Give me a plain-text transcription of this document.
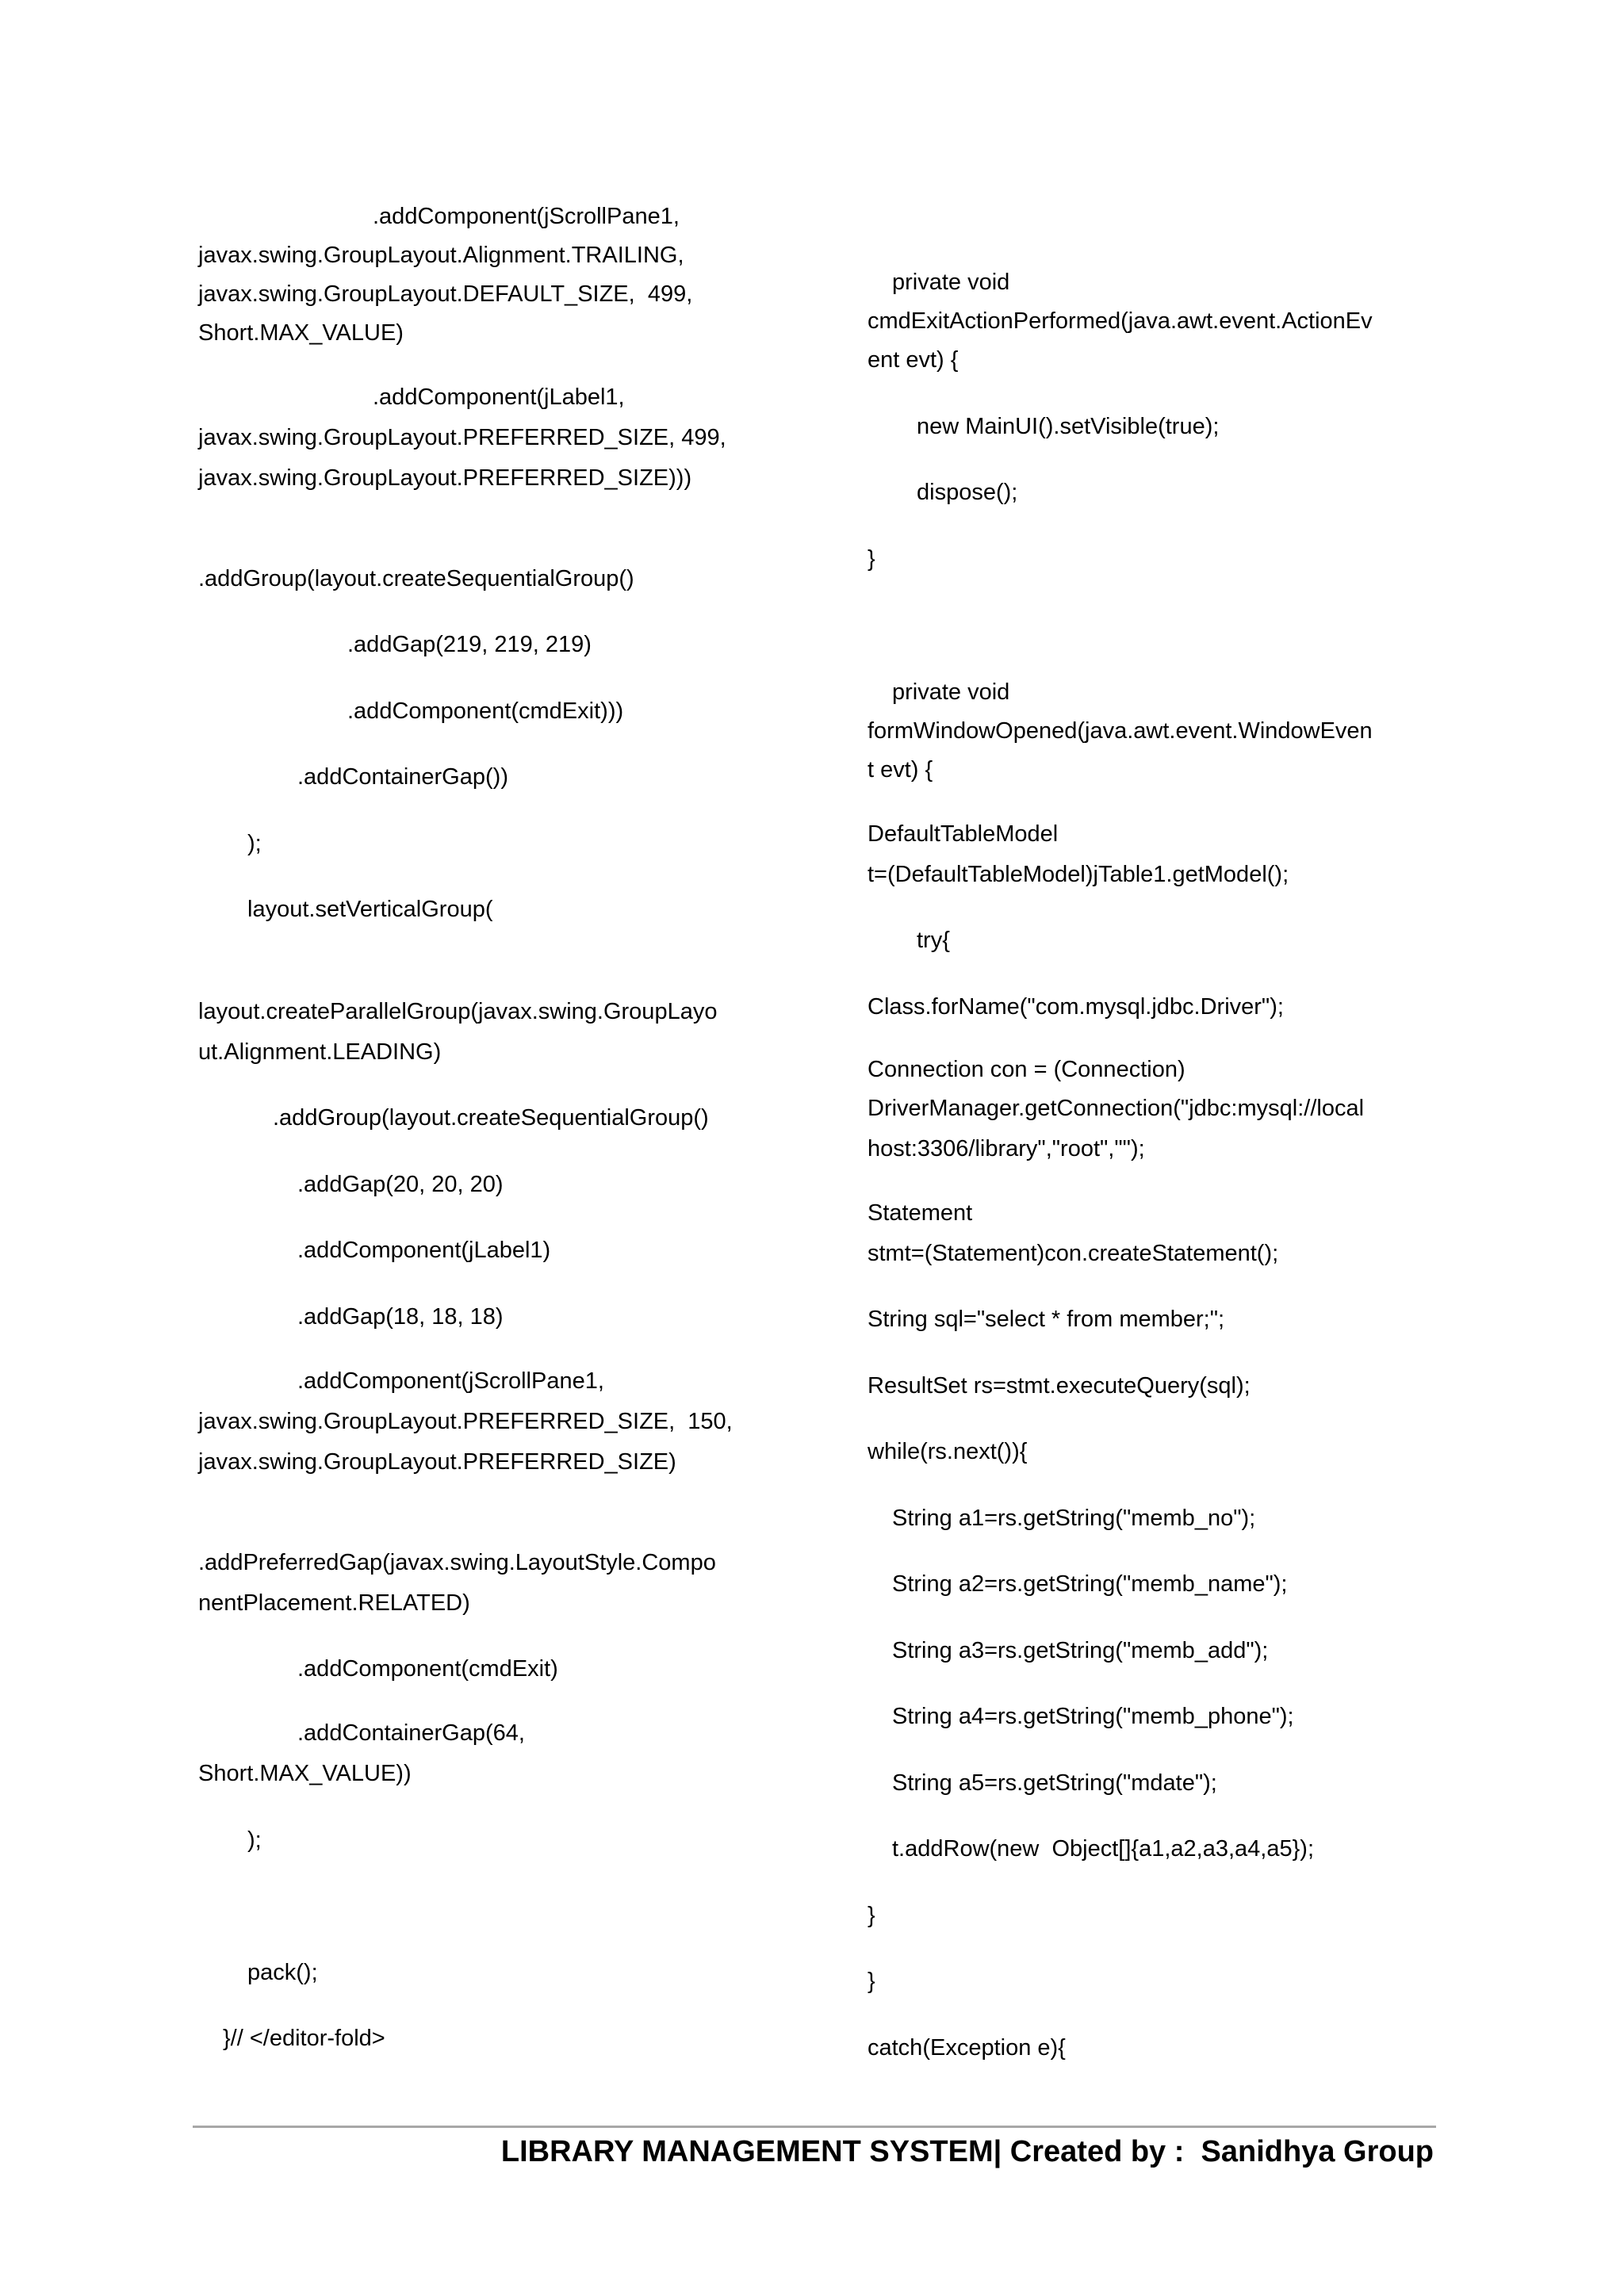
.addComponent(jScrollPane1,

javax.swing.GroupLayout.Alignment.TRAILING,

javax.swing.GroupLayout.DEFAULT_SIZE,  499,

Short.MAX_VALUE)

.addComponent(jLabel1,

javax.swing.GroupLayout.PREFERRED_SIZE, 499,

javax.swing.GroupLayout.PREFERRED_SIZE)))

.addGroup(layout.createSequentialGroup()

.addGap(219, 219, 219)

.addComponent(cmdExit)))

.addContainerGap())

);

layout.setVerticalGroup(

layout.createParallelGroup(javax.swing.GroupLayo

ut.Alignment.LEADING)

.addGroup(layout.createSequentialGroup()

.addGap(20, 20, 20)

.addComponent(jLabel1)

.addGap(18, 18, 18)

.addComponent(jScrollPane1,

javax.swing.GroupLayout.PREFERRED_SIZE,  150,

javax.swing.GroupLayout.PREFERRED_SIZE)

.addPreferredGap(javax.swing.LayoutStyle.Compo

nentPlacement.RELATED)

.addComponent(cmdExit)

.addContainerGap(64,

Short.MAX_VALUE))

);

pack();

}// </editor-fold>

private void

cmdExitActionPerformed(java.awt.event.ActionEv

ent evt) {

new MainUI().setVisible(true);

dispose();

}

private void

formWindowOpened(java.awt.event.WindowEven

t evt) {

DefaultTableModel

t=(DefaultTableModel)jTable1.getModel();

try{

Class.forName("com.mysql.jdbc.Driver");

Connection con = (Connection)

DriverManager.getConnection("jdbc:mysql://local

host:3306/library","root","");

Statement

stmt=(Statement)con.createStatement();

String sql="select * from member;";

ResultSet rs=stmt.executeQuery(sql);

while(rs.next()){

String a1=rs.getString("memb_no");

String a2=rs.getString("memb_name");

String a3=rs.getString("memb_add");

String a4=rs.getString("memb_phone");

String a5=rs.getString("mdate");

t.addRow(new  Object[]{a1,a2,a3,a4,a5});

}

}

catch(Exception e){

LIBRARY MANAGEMENT SYSTEM| Created by :  Sanidhya Group
